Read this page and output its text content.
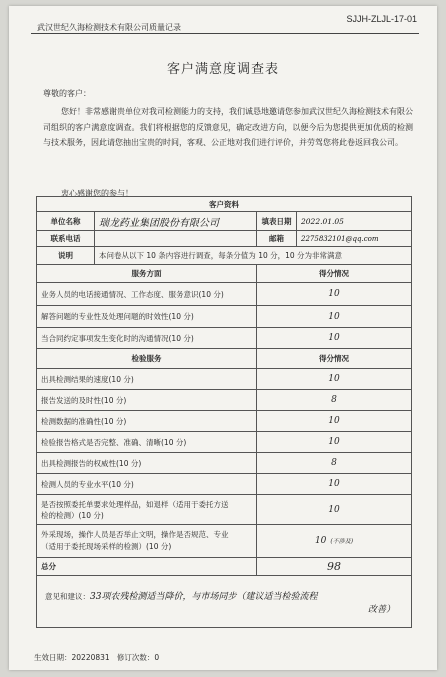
武汉世纪久海检测技术有限公司质量记录
SJJH-ZLJL-17-01
客户满意度调查表
尊敬的客户：
您好！非常感谢贵单位对我司检测能力的支持，我们诚恳地邀请您参加武汉世纪久海检测技术有限公司组织的客户满意度调查。我们将根据您的反馈意见，确定改进方向，以便今后为您提供更加优质的检测与技术服务，因此请您抽出宝贵的时间，客观、公正地对我们进行评价，并劳驾您将此卷返回我公司。
衷心感谢您的参与！
客户资料			
单位名称	瑞龙药业集团股份有限公司	填表日期	2022.01.05
联系电话		邮箱	2275832101@qq.com
说明	本问卷从以下 10 条内容进行调查，每条分值为 10 分，10 分为非常满意		
服务方面		得分情况	
业务人员的电话接通情况、工作态度、服务意识(10 分)		10	
解答问题的专业性及处理问题的时效性(10 分)		10	
当合同约定事项发生变化时的沟通情况(10 分)		10	
检验服务		得分情况	
出具检测结果的速度(10 分)		10	
报告发送的及时性(10 分)		8	
检测数据的准确性(10 分)		10	
检验报告格式是否完整、准确、清晰(10 分)		10	
出具检测报告的权威性(10 分)		8	
检测人员的专业水平(10 分)		10	
是否按照委托单要求处理样品，如退样（适用于委托方送
检的检测）(10 分)		10	
外采现场，操作人员是否举止文明，操作是否规范、专业
（适用于委托现场采样的检测）(10 分)		10 (不涉及)	
总分		98	
意见和建议：33项农残检测适当降价，与市场同步（建议适当检验流程

改善）			
生效日期：20220831 修订次数：0
